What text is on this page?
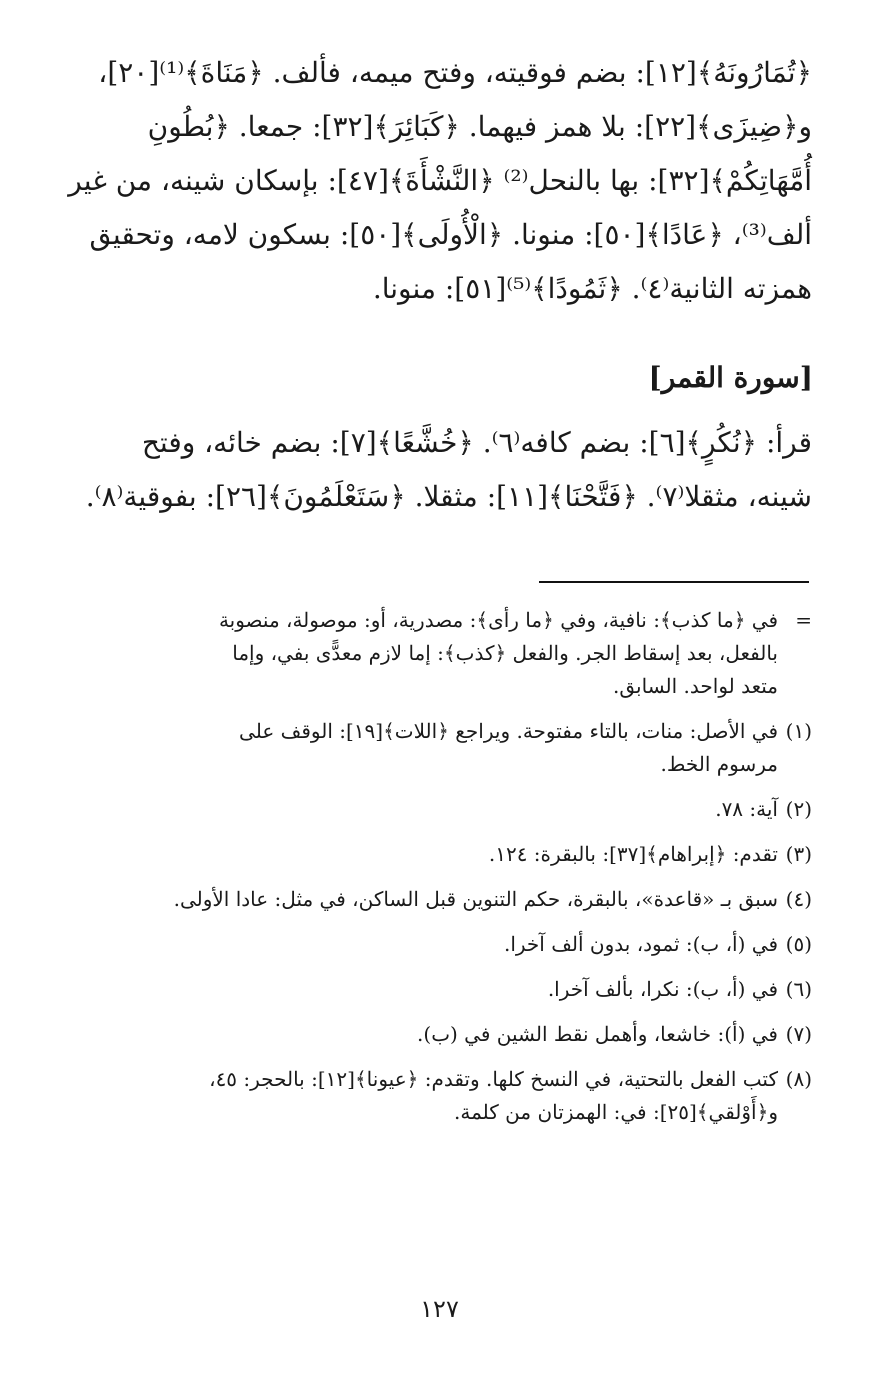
﴿تُمَارُونَهُ﴾[١٢]: بضم فوقيته، وفتح ميمه، فألف. ﴿مَنَاةَ﴾⁽¹⁾[٢٠]،
و﴿ضِيزَى﴾[٢٢]: بلا همز فيهما. ﴿كَبَائِرَ﴾[٣٢]: جمعا. ﴿بُطُونِ
أُمَّهَاتِكُمْ﴾[٣٢]: بها بالنحل⁽²⁾ ﴿النَّشْأَةَ﴾[٤٧]: بإسكان شينه، من غير
ألف⁽³⁾، ﴿عَادًا﴾[٥٠]: منونا. ﴿الْأُولَى﴾[٥٠]: بسكون لامه، وتحقيق
همزته الثانية⁽٤⁾. ﴿ثَمُودًا﴾⁽⁵⁾[٥١]: منونا.
[سورة القمر]
قرأ: ﴿نُكُرٍ﴾[٦]: بضم كافه⁽٦⁾. ﴿خُشَّعًا﴾[٧]: بضم خائه، وفتح
شينه، مثقلا⁽٧⁾. ﴿فَتَّحْنَا﴾[١١]: مثقلا. ﴿سَتَعْلَمُونَ﴾[٢٦]: بفوقية⁽٨⁾.
=
في ﴿ما كذب﴾: نافية، وفي ﴿ما رأى﴾: مصدرية، أو: موصولة، منصوبة
بالفعل، بعد إسقاط الجر. والفعل ﴿كذب﴾: إما لازم معدًّى بفي، وإما
متعد لواحد. السابق.
(١)
في الأصل: منات، بالتاء مفتوحة. ويراجع ﴿اللات﴾[١٩]: الوقف على
مرسوم الخط.
(٢)
آية: ٧٨.
(٣)
تقدم: ﴿إبراهام﴾[٣٧]: بالبقرة: ١٢٤.
(٤)
سبق بـ «قاعدة»، بالبقرة، حكم التنوين قبل الساكن، في مثل: عادا الأولى.
(٥)
في (أ، ب): ثمود، بدون ألف آخرا.
(٦)
في (أ، ب): نكرا، بألف آخرا.
(٧)
في (أ): خاشعا، وأهمل نقط الشين في (ب).
(٨)
كتب الفعل بالتحتية، في النسخ كلها. وتقدم: ﴿عيونا﴾[١٢]: بالحجر: ٤٥،
و﴿أَوْلقي﴾[٢٥]: في: الهمزتان من كلمة.
١٢٧
